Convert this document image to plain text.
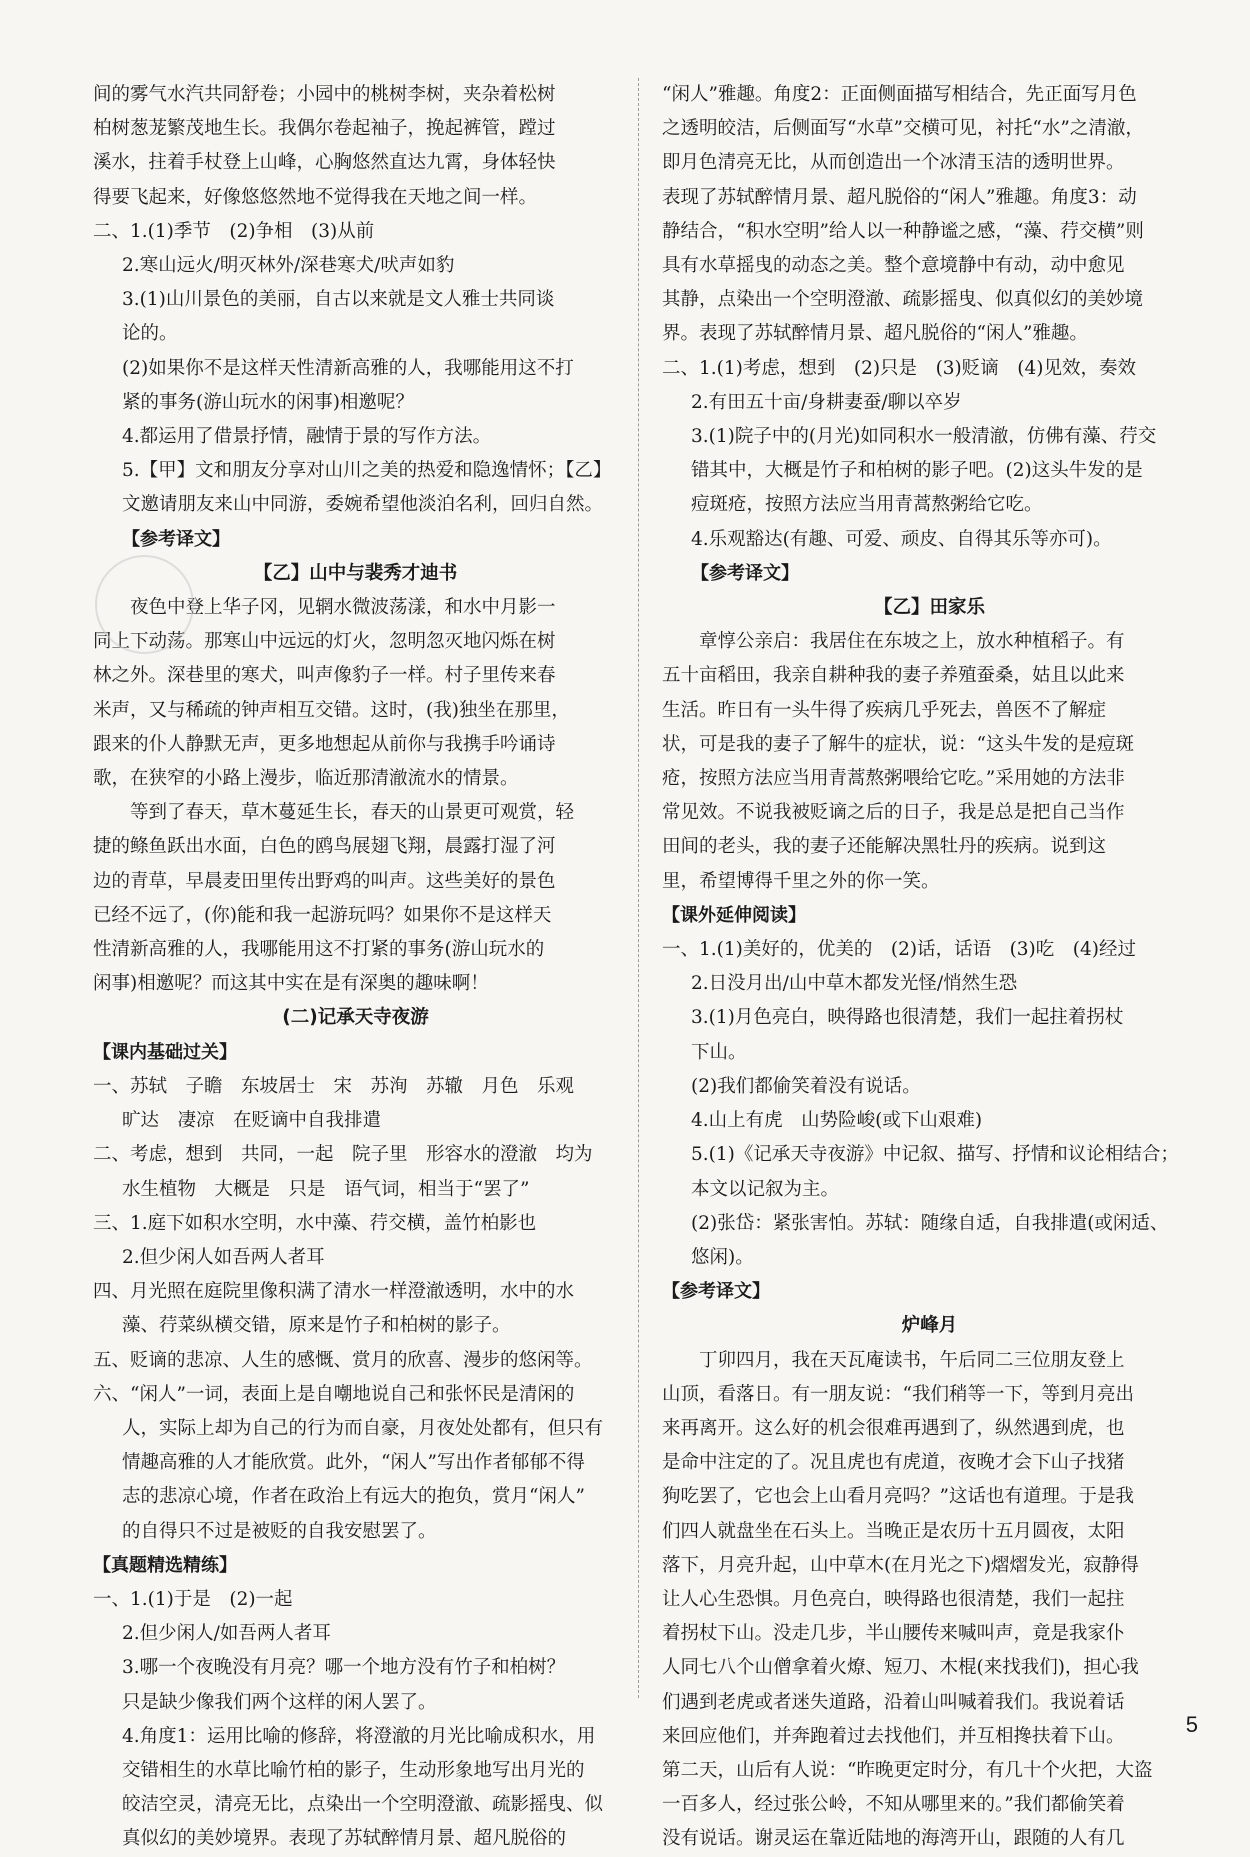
间的雾气水汽共同舒卷；小园中的桃树李树，夹杂着松树
柏树葱茏繁茂地生长。我偶尔卷起袖子，挽起裤管，蹚过
溪水，拄着手杖登上山峰，心胸悠然直达九霄，身体轻快
得要飞起来，好像悠悠然地不觉得我在天地之间一样。
二、1.(1)季节　(2)争相　(3)从前
2.寒山远火/明灭林外/深巷寒犬/吠声如豹
3.(1)山川景色的美丽，自古以来就是文人雅士共同谈
论的。
(2)如果你不是这样天性清新高雅的人，我哪能用这不打
紧的事务(游山玩水的闲事)相邀呢？
4.都运用了借景抒情，融情于景的写作方法。
5.【甲】文和朋友分享对山川之美的热爱和隐逸情怀；【乙】
文邀请朋友来山中同游，委婉希望他淡泊名利，回归自然。
【参考译文】
【乙】山中与裴秀才迪书
夜色中登上华子冈，见辋水微波荡漾，和水中月影一
同上下动荡。那寒山中远远的灯火，忽明忽灭地闪烁在树
林之外。深巷里的寒犬，叫声像豹子一样。村子里传来春
米声，又与稀疏的钟声相互交错。这时，(我)独坐在那里，
跟来的仆人静默无声，更多地想起从前你与我携手吟诵诗
歌，在狭窄的小路上漫步，临近那清澈流水的情景。
等到了春天，草木蔓延生长，春天的山景更可观赏，轻
捷的鲦鱼跃出水面，白色的鸥鸟展翅飞翔，晨露打湿了河
边的青草，早晨麦田里传出野鸡的叫声。这些美好的景色
已经不远了，(你)能和我一起游玩吗？如果你不是这样天
性清新高雅的人，我哪能用这不打紧的事务(游山玩水的
闲事)相邀呢？而这其中实在是有深奥的趣味啊！
(二)记承天寺夜游
【课内基础过关】
一、苏轼　子瞻　东坡居士　宋　苏洵　苏辙　月色　乐观
旷达　凄凉　在贬谪中自我排遣
二、考虑，想到　共同，一起　院子里　形容水的澄澈　均为
水生植物　大概是　只是　语气词，相当于“罢了”
三、1.庭下如积水空明，水中藻、荇交横，盖竹柏影也
2.但少闲人如吾两人者耳
四、月光照在庭院里像积满了清水一样澄澈透明，水中的水
藻、荇菜纵横交错，原来是竹子和柏树的影子。
五、贬谪的悲凉、人生的感慨、赏月的欣喜、漫步的悠闲等。
六、“闲人”一词，表面上是自嘲地说自己和张怀民是清闲的
人，实际上却为自己的行为而自豪，月夜处处都有，但只有
情趣高雅的人才能欣赏。此外，“闲人”写出作者郁郁不得
志的悲凉心境，作者在政治上有远大的抱负，赏月“闲人”
的自得只不过是被贬的自我安慰罢了。
【真题精选精练】
一、1.(1)于是　(2)一起
2.但少闲人/如吾两人者耳
3.哪一个夜晚没有月亮？哪一个地方没有竹子和柏树？
只是缺少像我们两个这样的闲人罢了。
4.角度1：运用比喻的修辞，将澄澈的月光比喻成积水，用
交错相生的水草比喻竹柏的影子，生动形象地写出月光的
皎洁空灵，清亮无比，点染出一个空明澄澈、疏影摇曳、似
真似幻的美妙境界。表现了苏轼醉情月景、超凡脱俗的
“闲人”雅趣。角度2：正面侧面描写相结合，先正面写月色
之透明皎洁，后侧面写“水草”交横可见，衬托“水”之清澈，
即月色清亮无比，从而创造出一个冰清玉洁的透明世界。
表现了苏轼醉情月景、超凡脱俗的“闲人”雅趣。角度3：动
静结合，“积水空明”给人以一种静谧之感，“藻、荇交横”则
具有水草摇曳的动态之美。整个意境静中有动，动中愈见
其静，点染出一个空明澄澈、疏影摇曳、似真似幻的美妙境
界。表现了苏轼醉情月景、超凡脱俗的“闲人”雅趣。
二、1.(1)考虑，想到　(2)只是　(3)贬谪　(4)见效，奏效
2.有田五十亩/身耕妻蚕/聊以卒岁
3.(1)院子中的(月光)如同积水一般清澈，仿佛有藻、荇交
错其中，大概是竹子和柏树的影子吧。(2)这头牛发的是
痘斑疮，按照方法应当用青蒿熬粥给它吃。
4.乐观豁达(有趣、可爱、顽皮、自得其乐等亦可)。
【参考译文】
【乙】田家乐
章惇公亲启：我居住在东坡之上，放水种植稻子。有
五十亩稻田，我亲自耕种我的妻子养殖蚕桑，姑且以此来
生活。昨日有一头牛得了疾病几乎死去，兽医不了解症
状，可是我的妻子了解牛的症状，说：“这头牛发的是痘斑
疮，按照方法应当用青蒿熬粥喂给它吃。”采用她的方法非
常见效。不说我被贬谪之后的日子，我是总是把自己当作
田间的老头，我的妻子还能解决黑牡丹的疾病。说到这
里，希望博得千里之外的你一笑。
【课外延伸阅读】
一、1.(1)美好的，优美的　(2)话，话语　(3)吃　(4)经过
2.日没月出/山中草木都发光怪/悄然生恐
3.(1)月色亮白，映得路也很清楚，我们一起拄着拐杖
下山。
(2)我们都偷笑着没有说话。
4.山上有虎　山势险峻(或下山艰难)
5.(1)《记承天寺夜游》中记叙、描写、抒情和议论相结合；
本文以记叙为主。
(2)张岱：紧张害怕。苏轼：随缘自适，自我排遣(或闲适、
悠闲)。
【参考译文】
炉峰月
丁卯四月，我在天瓦庵读书，午后同二三位朋友登上
山顶，看落日。有一朋友说：“我们稍等一下，等到月亮出
来再离开。这么好的机会很难再遇到了，纵然遇到虎，也
是命中注定的了。况且虎也有虎道，夜晚才会下山子找猪
狗吃罢了，它也会上山看月亮吗？”这话也有道理。于是我
们四人就盘坐在石头上。当晚正是农历十五月圆夜，太阳
落下，月亮升起，山中草木(在月光之下)熠熠发光，寂静得
让人心生恐惧。月色亮白，映得路也很清楚，我们一起拄
着拐杖下山。没走几步，半山腰传来喊叫声，竟是我家仆
人同七八个山僧拿着火燎、短刀、木棍(来找我们)，担心我
们遇到老虎或者迷失道路，沿着山叫喊着我们。我说着话
来回应他们，并奔跑着过去找他们，并互相搀扶着下山。
第二天，山后有人说：“昨晚更定时分，有几十个火把，大盗
一百多人，经过张公岭，不知从哪里来的。”我们都偷笑着
没有说话。谢灵运在靠近陆地的海湾开山，跟随的人有几
5
